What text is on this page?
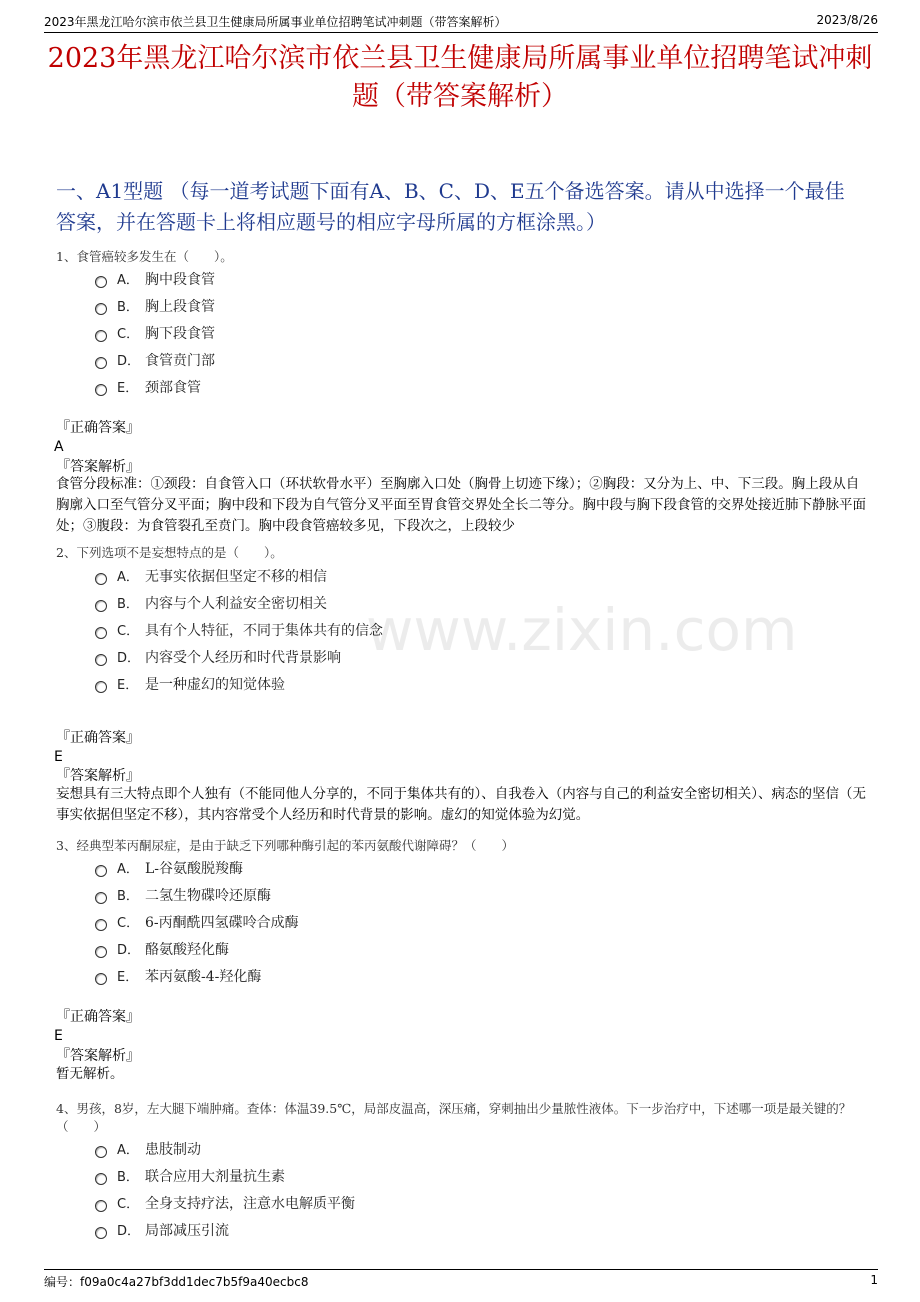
2023年黑龙江哈尔滨市依兰县卫生健康局所属事业单位招聘笔试冲刺题（带答案解析）	2023/8/26
2023年黑龙江哈尔滨市依兰县卫生健康局所属事业单位招聘笔试冲刺题（带答案解析）
一、A1型题 （每一道考试题下面有A、B、C、D、E五个备选答案。请从中选择一个最佳答案，并在答题卡上将相应题号的相应字母所属的方框涂黑。）
www.zixin.com
1、食管癌较多发生在（　　）。
A． 胸中段食管
B． 胸上段食管
C． 胸下段食管
D． 食管贲门部
E． 颈部食管
『正确答案』
A
『答案解析』
食管分段标准：①颈段：自食管入口（环状软骨水平）至胸廓入口处（胸骨上切迹下缘）；②胸段：又分为上、中、下三段。胸上段从自胸廓入口至气管分叉平面；胸中段和下段为自气管分叉平面至胃食管交界处全长二等分。胸中段与胸下段食管的交界处接近肺下静脉平面处；③腹段：为食管裂孔至贲门。胸中段食管癌较多见，下段次之，上段较少
2、下列选项不是妄想特点的是（　　）。
A． 无事实依据但坚定不移的相信
B． 内容与个人利益安全密切相关
C． 具有个人特征，不同于集体共有的信念
D． 内容受个人经历和时代背景影响
E． 是一种虚幻的知觉体验
『正确答案』
E
『答案解析』
妄想具有三大特点即个人独有（不能同他人分享的，不同于集体共有的）、自我卷入（内容与自己的利益安全密切相关）、病态的坚信（无事实依据但坚定不移），其内容常受个人经历和时代背景的影响。虚幻的知觉体验为幻觉。
3、经典型苯丙酮尿症，是由于缺乏下列哪种酶引起的苯丙氨酸代谢障碍？（　　）
A． L-谷氨酸脱羧酶
B． 二氢生物碟呤还原酶
C． 6-丙酮酰四氢碟呤合成酶
D． 酪氨酸羟化酶
E． 苯丙氨酸-4-羟化酶
『正确答案』
E
『答案解析』
暂无解析。
4、男孩，8岁，左大腿下端肿痛。查体：体温39.5℃，局部皮温高，深压痛，穿刺抽出少量脓性液体。下一步治疗中，下述哪一项是最关键的？（　　）
A． 患肢制动
B． 联合应用大剂量抗生素
C． 全身支持疗法，注意水电解质平衡
D． 局部减压引流
编号：f09a0c4a27bf3dd1dec7b5f9a40ecbc8	1
